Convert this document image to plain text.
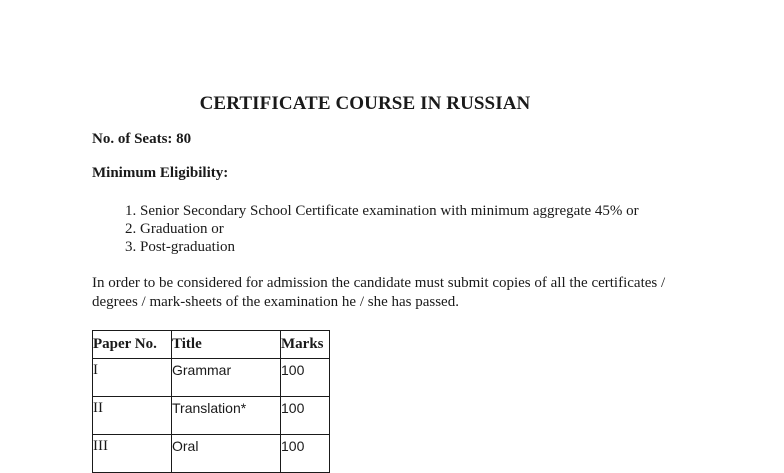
CERTIFICATE COURSE IN RUSSIAN
No. of Seats: 80
Minimum Eligibility:
1. Senior Secondary School Certificate examination with minimum aggregate 45% or
2. Graduation or
3. Post-graduation
In order to be considered for admission the candidate must submit copies of all the certificates /
degrees / mark-sheets of the examination he / she has passed.
Paper No.	Title	Marks
I	Grammar	100
II	Translation*	100
III	Oral	100
